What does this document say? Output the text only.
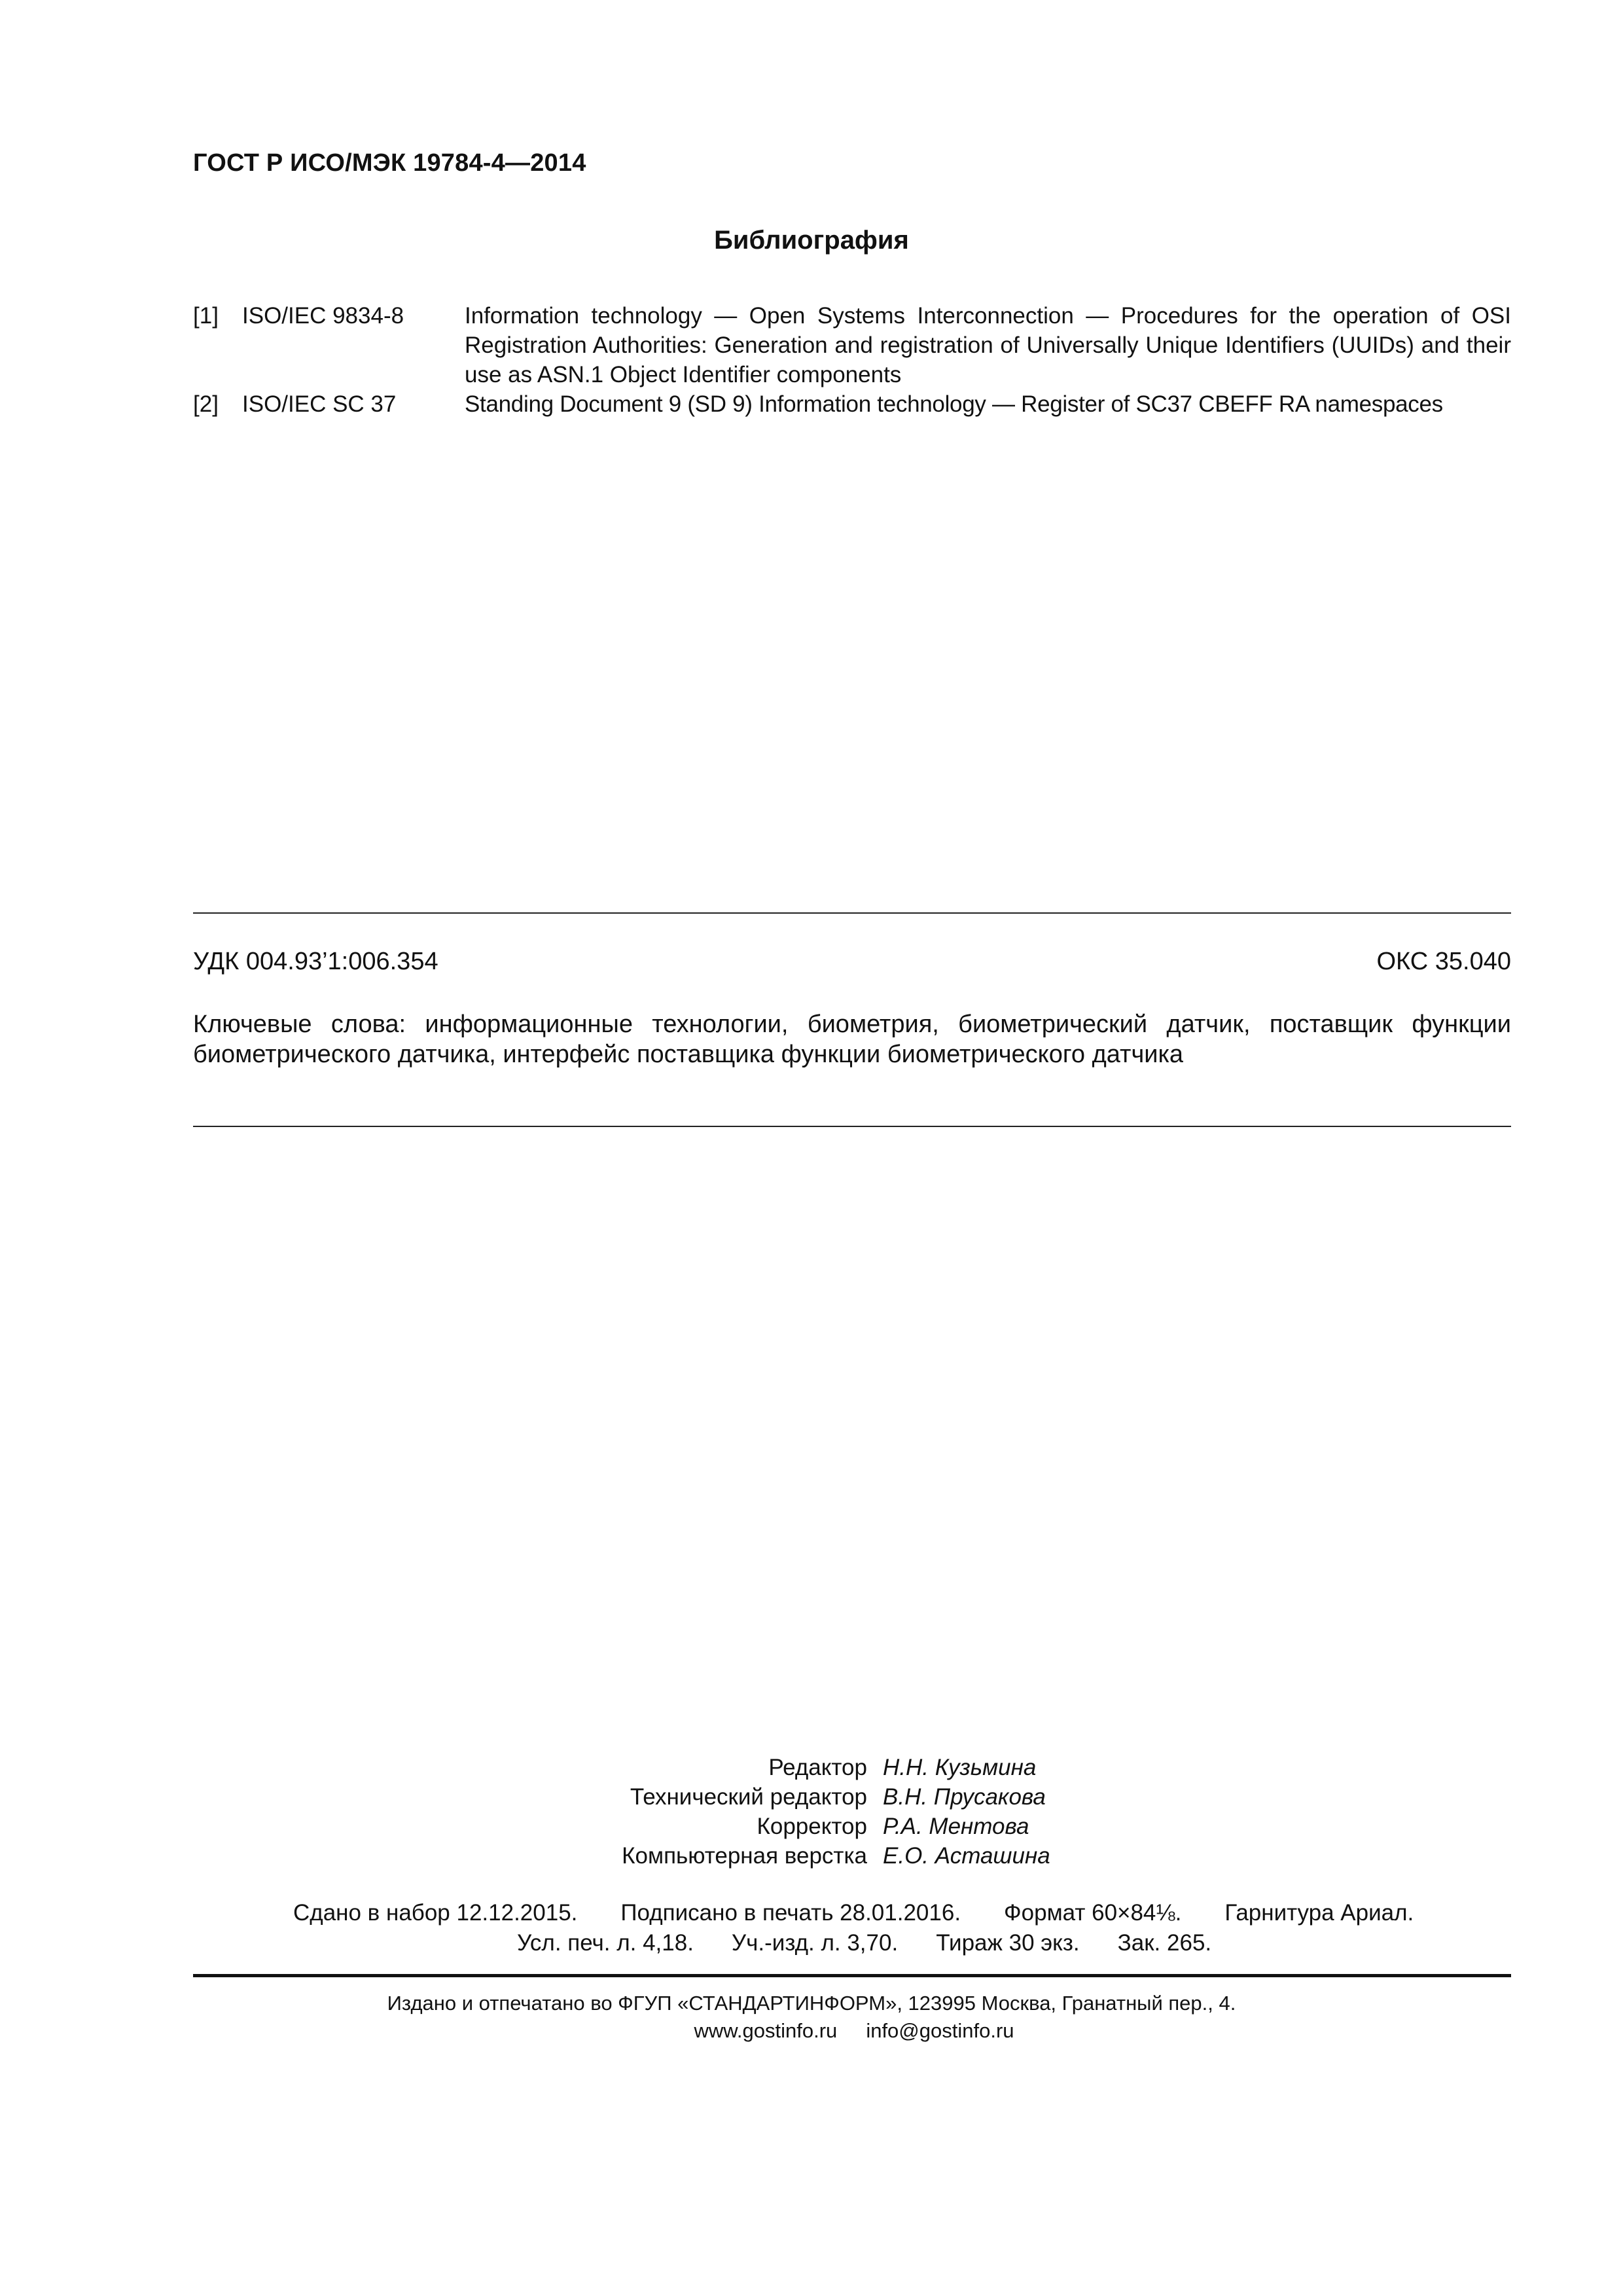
ГОСТ Р ИСО/МЭК 19784-4—2014
Библиография
[1]	ISO/IEC 9834-8	Information technology — Open Systems Interconnection — Procedures for the operation of OSI Registration Authorities: Generation and registration of Universally Unique Identifiers (UUIDs) and their use as ASN.1 Object Identifier components
[2]	ISO/IEC SC 37	Standing Document 9 (SD 9) Information technology — Register of SC37 CBEFF RA namespaces
УДК 004.93’1:006.354	ОКС 35.040
Ключевые слова: информационные технологии, биометрия, биометрический датчик, поставщик функции биометрического датчика, интерфейс поставщика функции биометрического датчика
Редактор Н.Н. Кузьмина
Технический редактор В.Н. Прусакова
Корректор Р.А. Ментова
Компьютерная верстка Е.О. Асташина
Сдано в набор 12.12.2015. Подписано в печать 28.01.2016. Формат 60×84⅛. Гарнитура Ариал.
Усл. печ. л. 4,18. Уч.-изд. л. 3,70. Тираж 30 экз. Зак. 265.
Издано и отпечатано во ФГУП «СТАНДАРТИНФОРМ», 123995 Москва, Гранатный пер., 4.
www.gostinfo.ru info@gostinfo.ru
